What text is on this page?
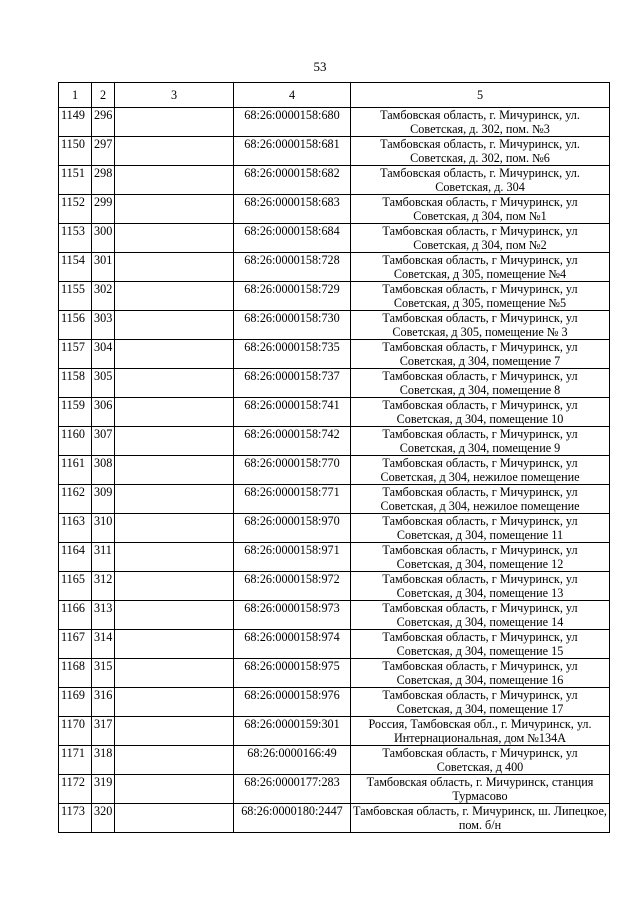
53
1	2	3	4	5
1149	296		68:26:0000158:680	Тамбовская область, г. Мичуринск, ул. Советская, д. 302, пом. №3
1150	297		68:26:0000158:681	Тамбовская область, г. Мичуринск, ул. Советская, д. 302, пом. №6
1151	298		68:26:0000158:682	Тамбовская область, г. Мичуринск, ул. Советская, д. 304
1152	299		68:26:0000158:683	Тамбовская область, г Мичуринск, ул Советская, д 304, пом №1
1153	300		68:26:0000158:684	Тамбовская область, г Мичуринск, ул Советская, д 304, пом №2
1154	301		68:26:0000158:728	Тамбовская область, г Мичуринск, ул Советская, д 305, помещение №4
1155	302		68:26:0000158:729	Тамбовская область, г Мичуринск, ул Советская, д 305, помещение №5
1156	303		68:26:0000158:730	Тамбовская область, г Мичуринск, ул Советская, д 305, помещение № 3
1157	304		68:26:0000158:735	Тамбовская область, г Мичуринск, ул Советская, д 304, помещение 7
1158	305		68:26:0000158:737	Тамбовская область, г Мичуринск, ул Советская, д 304, помещение 8
1159	306		68:26:0000158:741	Тамбовская область, г Мичуринск, ул Советская, д 304, помещение 10
1160	307		68:26:0000158:742	Тамбовская область, г Мичуринск, ул Советская, д 304, помещение 9
1161	308		68:26:0000158:770	Тамбовская область, г Мичуринск, ул Советская, д 304, нежилое помещение
1162	309		68:26:0000158:771	Тамбовская область, г Мичуринск, ул Советская, д 304, нежилое помещение
1163	310		68:26:0000158:970	Тамбовская область, г Мичуринск, ул Советская, д 304, помещение 11
1164	311		68:26:0000158:971	Тамбовская область, г Мичуринск, ул Советская, д 304, помещение 12
1165	312		68:26:0000158:972	Тамбовская область, г Мичуринск, ул Советская, д 304, помещение 13
1166	313		68:26:0000158:973	Тамбовская область, г Мичуринск, ул Советская, д 304, помещение 14
1167	314		68:26:0000158:974	Тамбовская область, г Мичуринск, ул Советская, д 304, помещение 15
1168	315		68:26:0000158:975	Тамбовская область, г Мичуринск, ул Советская, д 304, помещение 16
1169	316		68:26:0000158:976	Тамбовская область, г Мичуринск, ул Советская, д 304, помещение 17
1170	317		68:26:0000159:301	Россия, Тамбовская обл., г. Мичуринск, ул. Интернациональная, дом №134А
1171	318		68:26:0000166:49	Тамбовская область, г Мичуринск, ул Советская, д 400
1172	319		68:26:0000177:283	Тамбовская область, г. Мичуринск, станция Турмасово
1173	320		68:26:0000180:2447	Тамбовская область, г. Мичуринск, ш. Липецкое, пом. б/н
